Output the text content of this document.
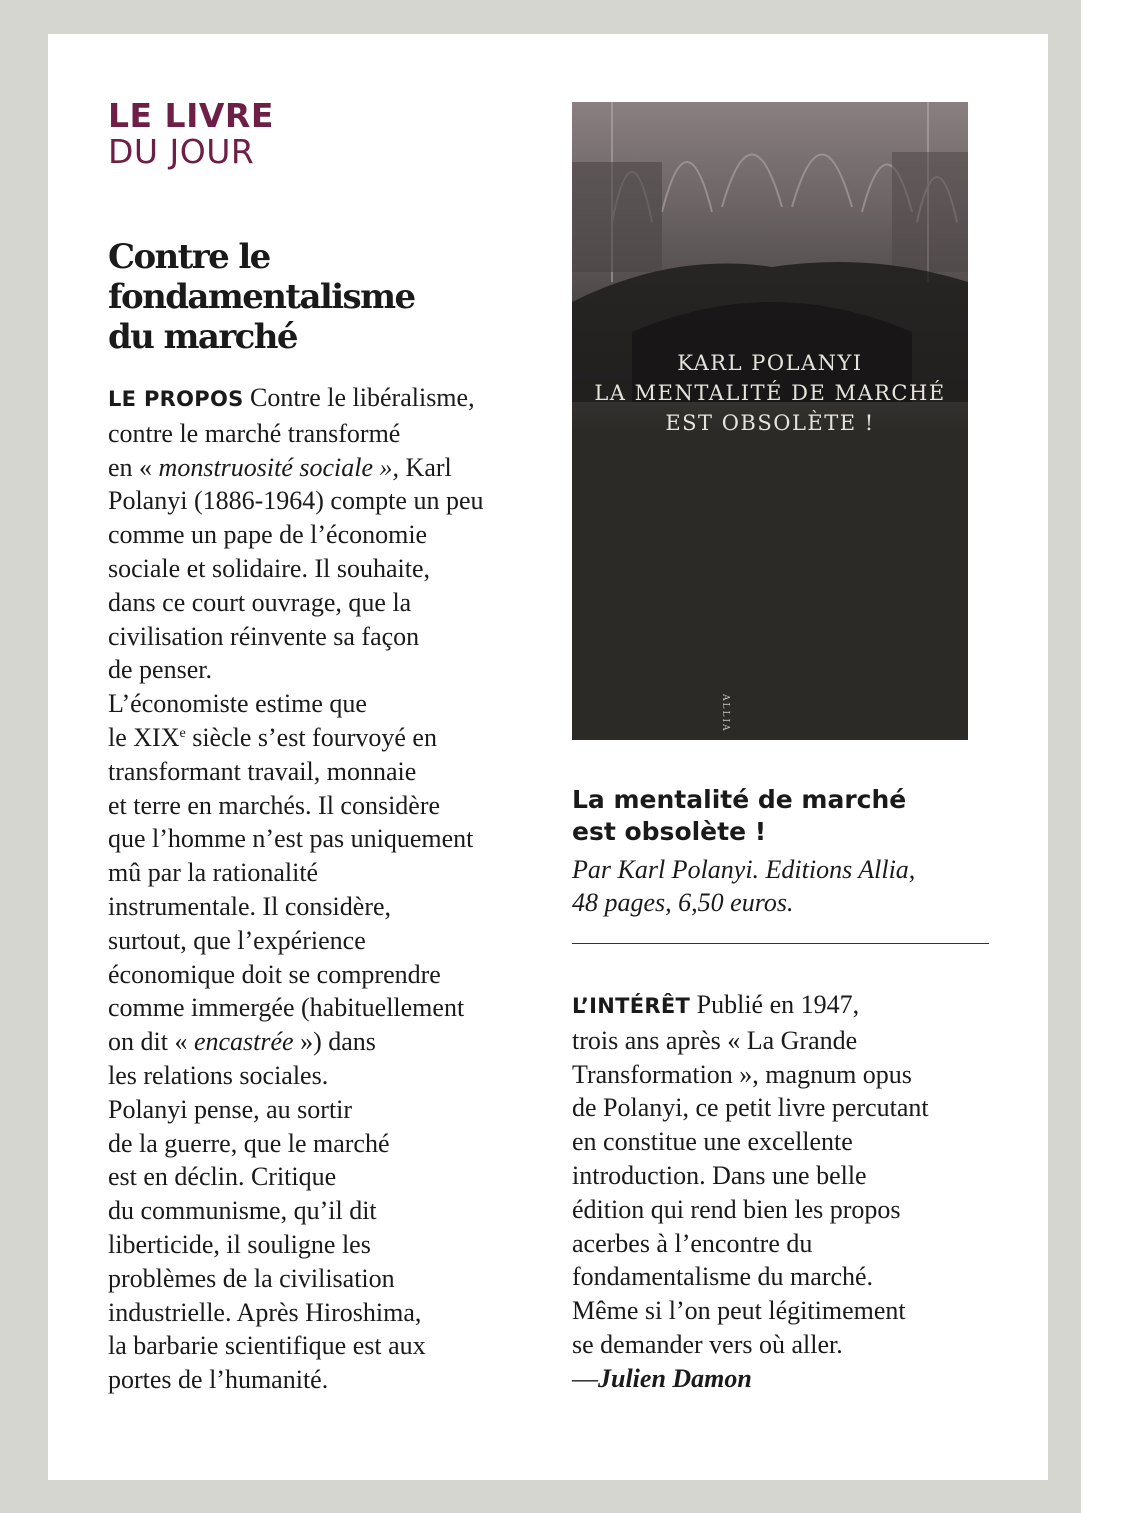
LE LIVRE
DU JOUR
Contre le
fondamentalisme
du marché
LE PROPOS Contre le libéralisme,
contre le marché transformé
en « monstruosité sociale », Karl
Polanyi (1886-1964) compte un peu
comme un pape de l’économie
sociale et solidaire. Il souhaite,
dans ce court ouvrage, que la
civilisation réinvente sa façon
de penser.
L’économiste estime que
le XIXe siècle s’est fourvoyé en
transformant travail, monnaie
et terre en marchés. Il considère
que l’homme n’est pas uniquement
mû par la rationalité
instrumentale. Il considère,
surtout, que l’expérience
économique doit se comprendre
comme immergée (habituellement
on dit « encastrée ») dans
les relations sociales.
Polanyi pense, au sortir
de la guerre, que le marché
est en déclin. Critique
du communisme, qu’il dit
liberticide, il souligne les
problèmes de la civilisation
industrielle. Après Hiroshima,
la barbarie scientifique est aux
portes de l’humanité.
KARL POLANYI
LA MENTALITÉ DE MARCHÉ
EST OBSOLÈTE !
ALLIA
La mentalité de marché
est obsolète !

Par Karl Polanyi. Editions Allia,
48 pages, 6,50 euros.

L’INTÉRÊT Publié en 1947,
trois ans après « La Grande
Transformation », magnum opus
de Polanyi, ce petit livre percutant
en constitue une excellente
introduction. Dans une belle
édition qui rend bien les propos
acerbes à l’encontre du
fondamentalisme du marché.
Même si l’on peut légitimement
se demander vers où aller.
—Julien Damon
